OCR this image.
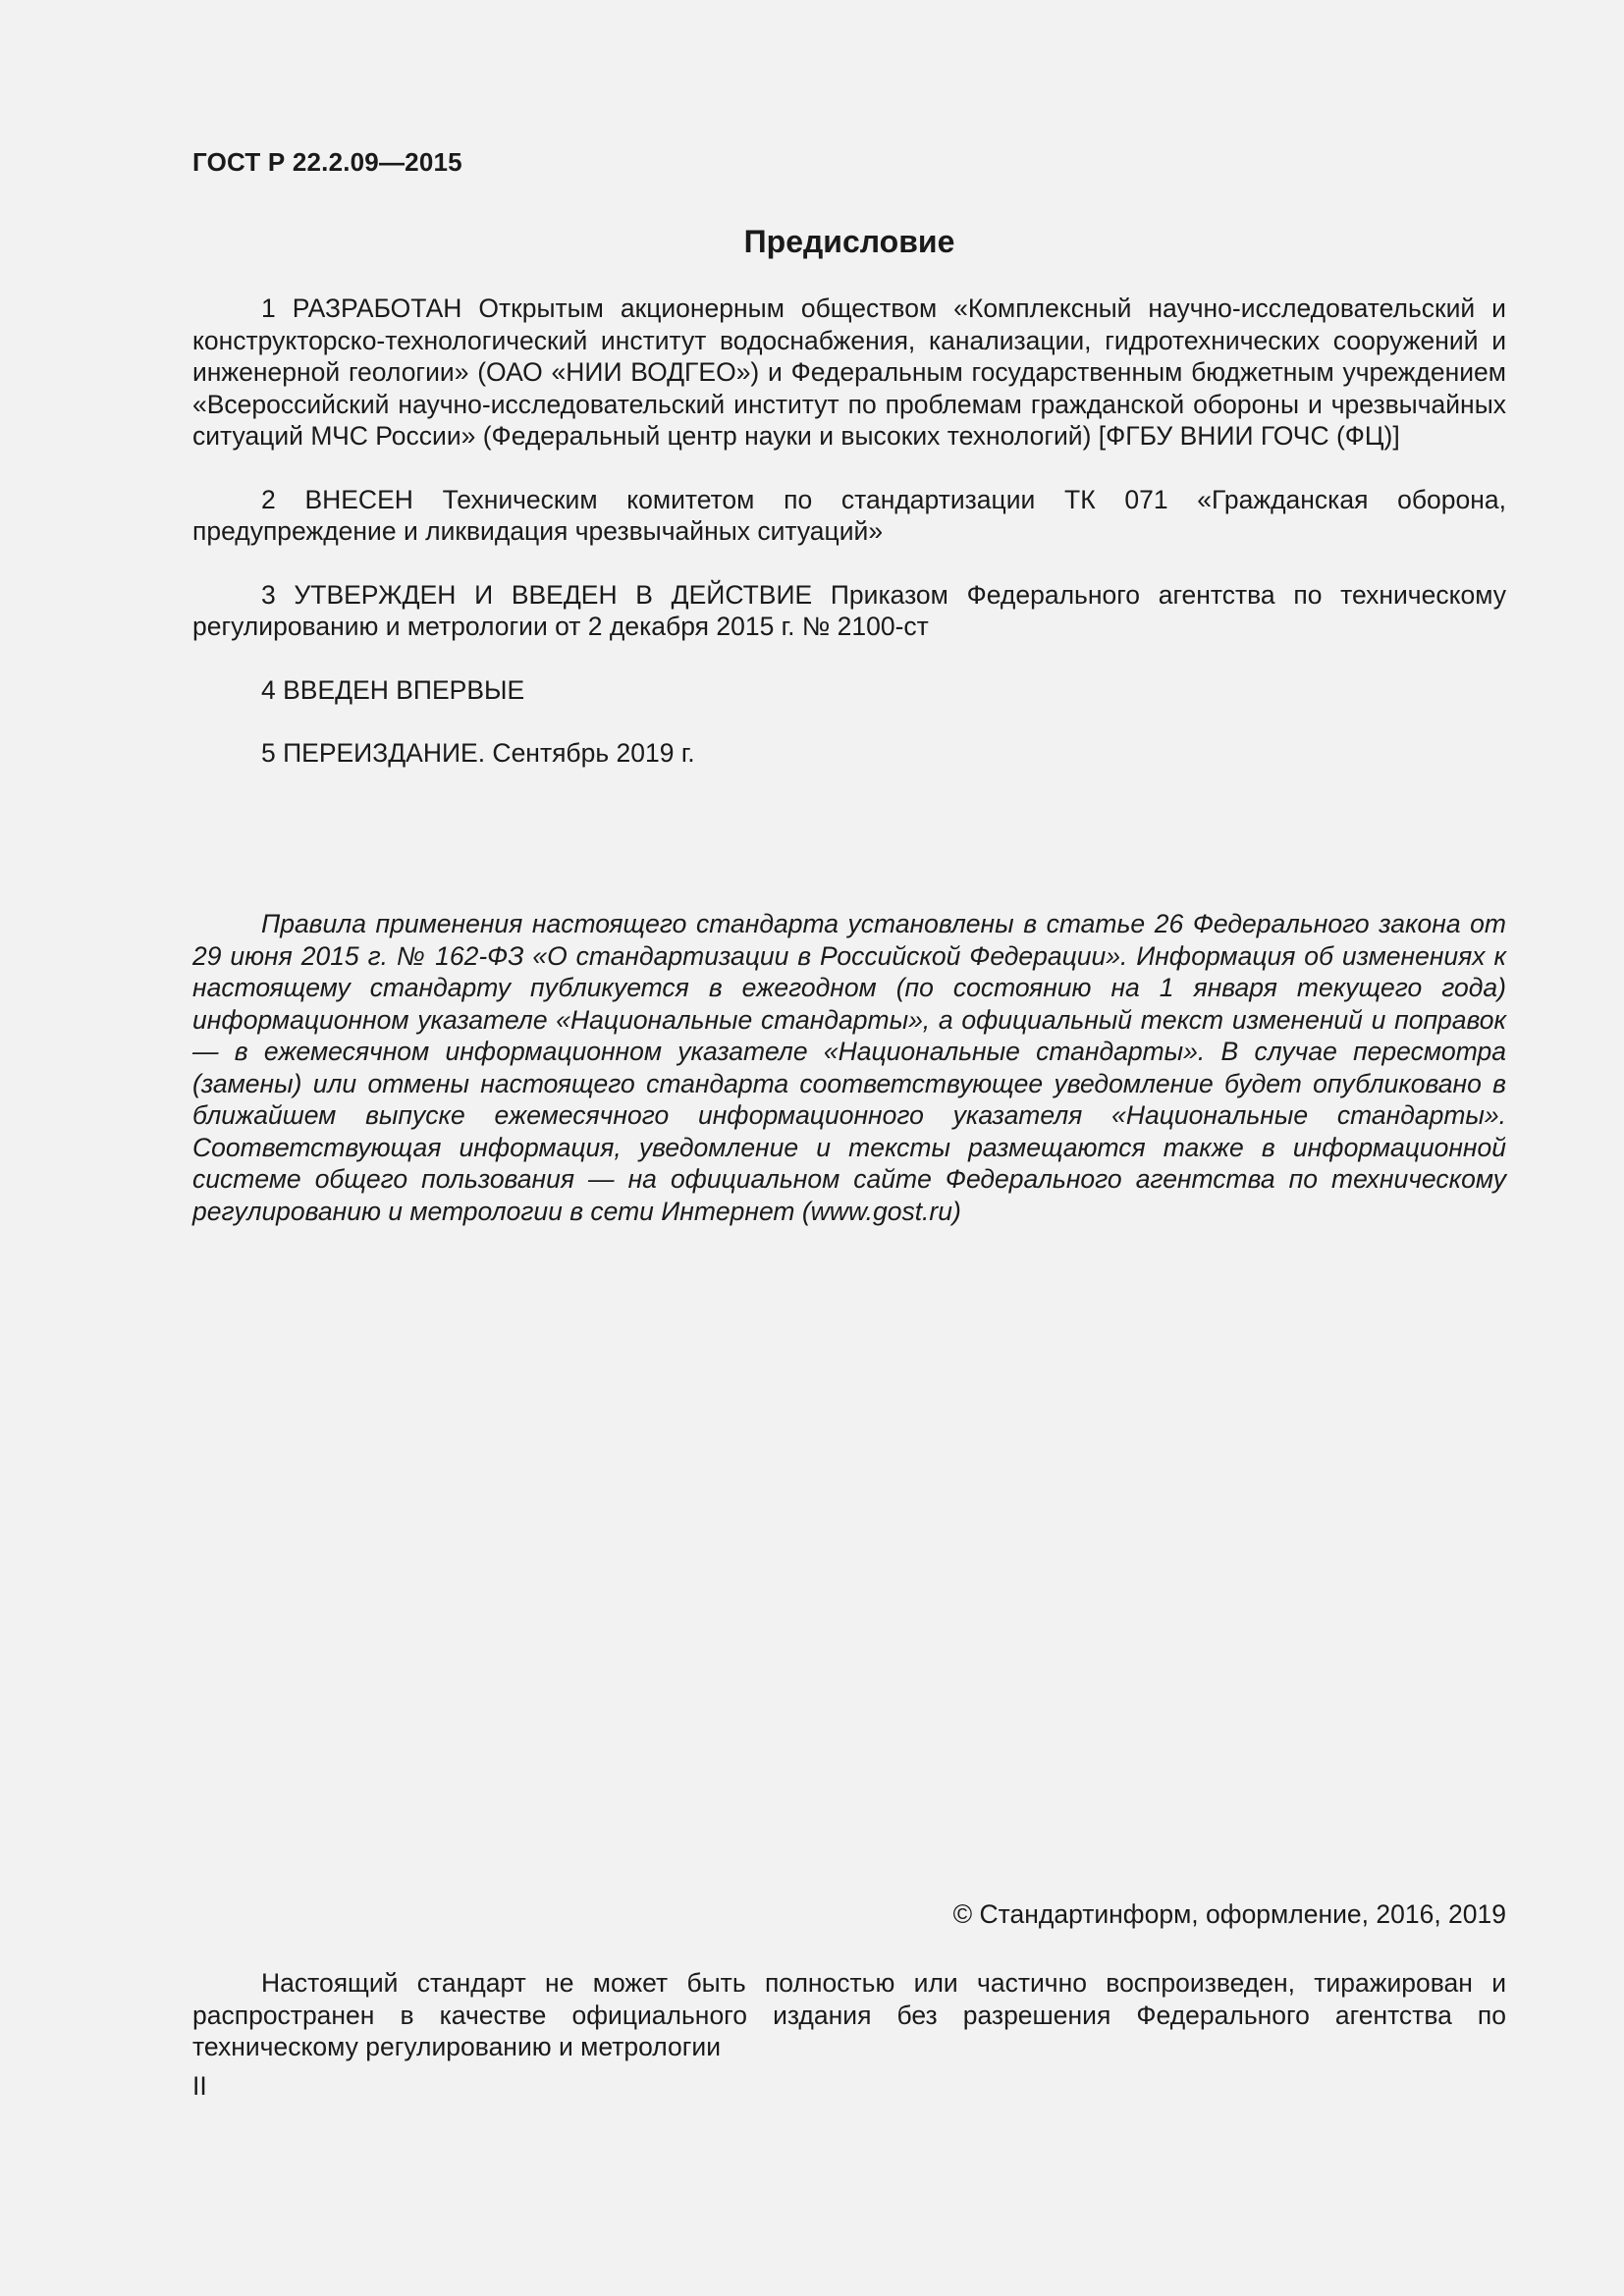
ГОСТ Р 22.2.09—2015
Предисловие

1 РАЗРАБОТАН Открытым акционерным обществом «Комплексный научно-исследовательский и конструкторско-технологический институт водоснабжения, канализации, гидротехнических сооружений и инженерной геологии» (ОАО «НИИ ВОДГЕО») и Федеральным государственным бюджетным учреждением «Всероссийский научно-исследовательский институт по проблемам гражданской обороны и чрезвычайных ситуаций МЧС России» (Федеральный центр науки и высоких технологий) [ФГБУ ВНИИ ГОЧС (ФЦ)]

2 ВНЕСЕН Техническим комитетом по стандартизации ТК 071 «Гражданская оборона, предупреждение и ликвидация чрезвычайных ситуаций»

3 УТВЕРЖДЕН И ВВЕДЕН В ДЕЙСТВИЕ Приказом Федерального агентства по техническому регулированию и метрологии от 2 декабря 2015 г. № 2100-ст

4 ВВЕДЕН ВПЕРВЫЕ

5 ПЕРЕИЗДАНИЕ. Сентябрь 2019 г.

Правила применения настоящего стандарта установлены в статье 26 Федерального закона от 29 июня 2015 г. № 162-ФЗ «О стандартизации в Российской Федерации». Информация об изменениях к настоящему стандарту публикуется в ежегодном (по состоянию на 1 января текущего года) информационном указателе «Национальные стандарты», а официальный текст изменений и поправок — в ежемесячном информационном указателе «Национальные стандарты». В случае пересмотра (замены) или отмены настоящего стандарта соответствующее уведомление будет опубликовано в ближайшем выпуске ежемесячного информационного указателя «Национальные стандарты». Соответствующая информация, уведомление и тексты размещаются также в информационной системе общего пользования — на официальном сайте Федерального агентства по техническому регулированию и метрологии в сети Интернет (www.gost.ru)

© Стандартинформ, оформление, 2016, 2019

Настоящий стандарт не может быть полностью или частично воспроизведен, тиражирован и распространен в качестве официального издания без разрешения Федерального агентства по техническому регулированию и метрологии

II
